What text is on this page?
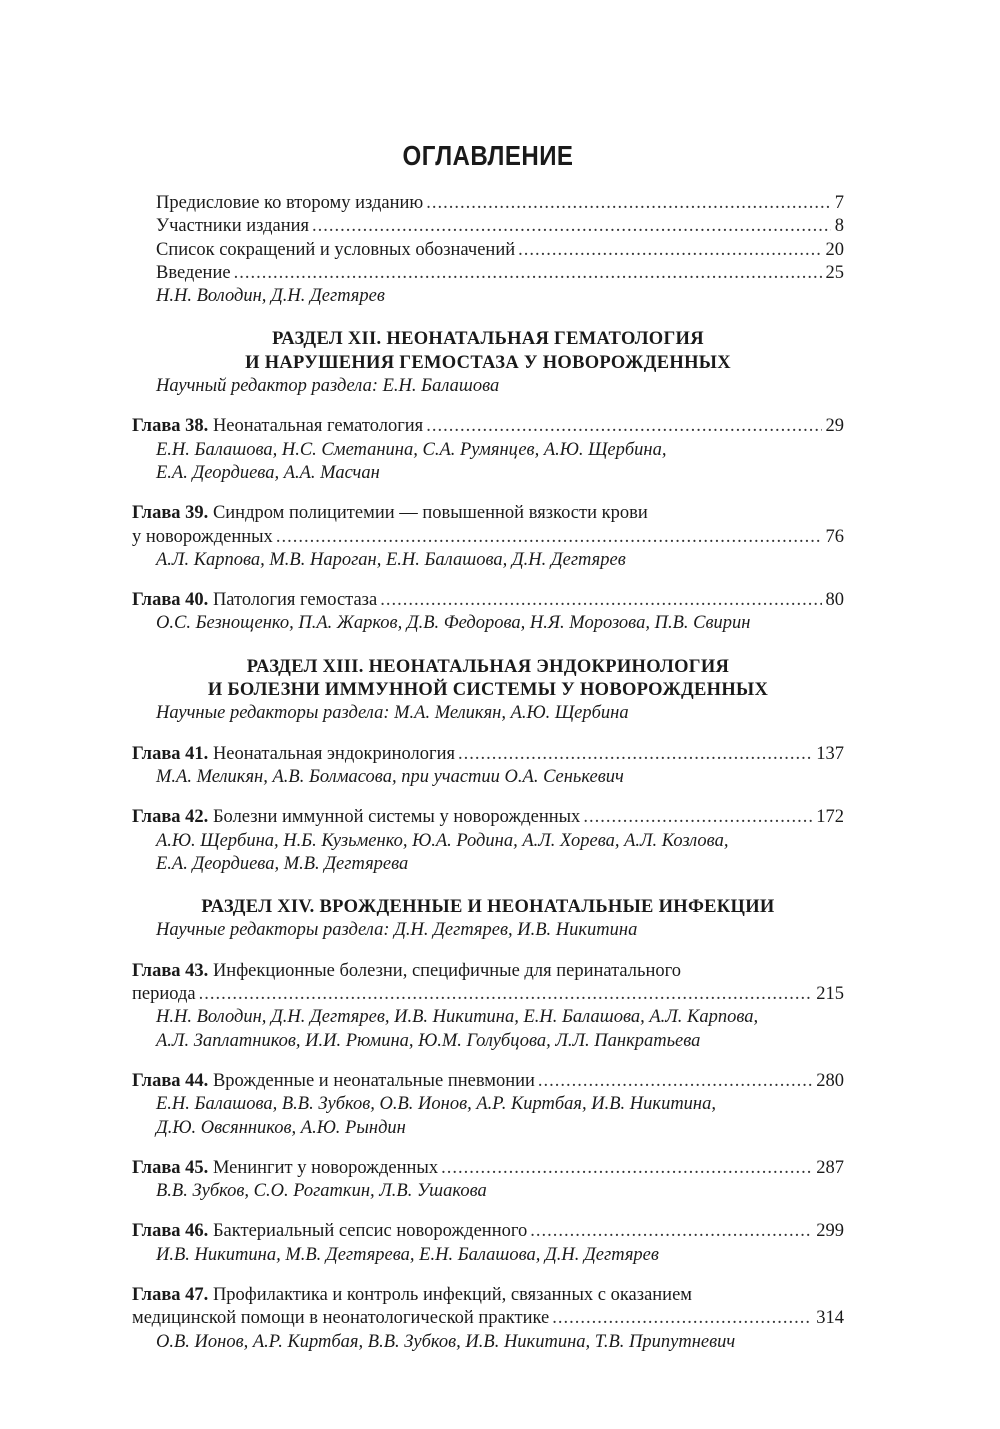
ОГЛАВЛЕНИЕ
Предисловие ко второму изданию .....	7
Участники издания .....	8
Список сокращений и условных обозначений .....	20
Введение .....	25
Н.Н. Володин, Д.Н. Дегтярев
РАЗДЕЛ XII. НЕОНАТАЛЬНАЯ ГЕМАТОЛОГИЯ
И НАРУШЕНИЯ ГЕМОСТАЗА У НОВОРОЖДЕННЫХ
Научный редактор раздела: Е.Н. Балашова
Глава 38. Неонатальная гематология .....	29
Е.Н. Балашова, Н.С. Сметанина, С.А. Румянцев, А.Ю. Щербина,
Е.А. Деордиева, А.А. Масчан
Глава 39. Синдром полицитемии — повышенной вязкости крови
у новорожденных .....	76
А.Л. Карпова, М.В. Нароган, Е.Н. Балашова, Д.Н. Дегтярев
Глава 40. Патология гемостаза .....	80
О.С. Безнощенко, П.А. Жарков, Д.В. Федорова, Н.Я. Морозова, П.В. Свирин
РАЗДЕЛ XIII. НЕОНАТАЛЬНАЯ ЭНДОКРИНОЛОГИЯ
И БОЛЕЗНИ ИММУННОЙ СИСТЕМЫ У НОВОРОЖДЕННЫХ
Научные редакторы раздела: М.А. Меликян, А.Ю. Щербина
Глава 41. Неонатальная эндокринология .....	137
М.А. Меликян, А.В. Болмасова, при участии О.А. Сенькевич
Глава 42. Болезни иммунной системы у новорожденных .....	172
А.Ю. Щербина, Н.Б. Кузьменко, Ю.А. Родина, А.Л. Хорева, А.Л. Козлова,
Е.А. Деордиева, М.В. Дегтярева
РАЗДЕЛ XIV. ВРОЖДЕННЫЕ И НЕОНАТАЛЬНЫЕ ИНФЕКЦИИ
Научные редакторы раздела: Д.Н. Дегтярев, И.В. Никитина
Глава 43. Инфекционные болезни, специфичные для перинатального
периода .....	215
Н.Н. Володин, Д.Н. Дегтярев, И.В. Никитина, Е.Н. Балашова, А.Л. Карпова,
А.Л. Заплатников, И.И. Рюмина, Ю.М. Голубцова, Л.Л. Панкратьева
Глава 44. Врожденные и неонатальные пневмонии .....	280
Е.Н. Балашова, В.В. Зубков, О.В. Ионов, А.Р. Киртбая, И.В. Никитина,
Д.Ю. Овсянников, А.Ю. Рындин
Глава 45. Менингит у новорожденных .....	287
В.В. Зубков, С.О. Рогаткин, Л.В. Ушакова
Глава 46. Бактериальный сепсис новорожденного .....	299
И.В. Никитина, М.В. Дегтярева, Е.Н. Балашова, Д.Н. Дегтярев
Глава 47. Профилактика и контроль инфекций, связанных с оказанием
медицинской помощи в неонатологической практике .....	314
О.В. Ионов, А.Р. Киртбая, В.В. Зубков, И.В. Никитина, Т.В. Припутневич
